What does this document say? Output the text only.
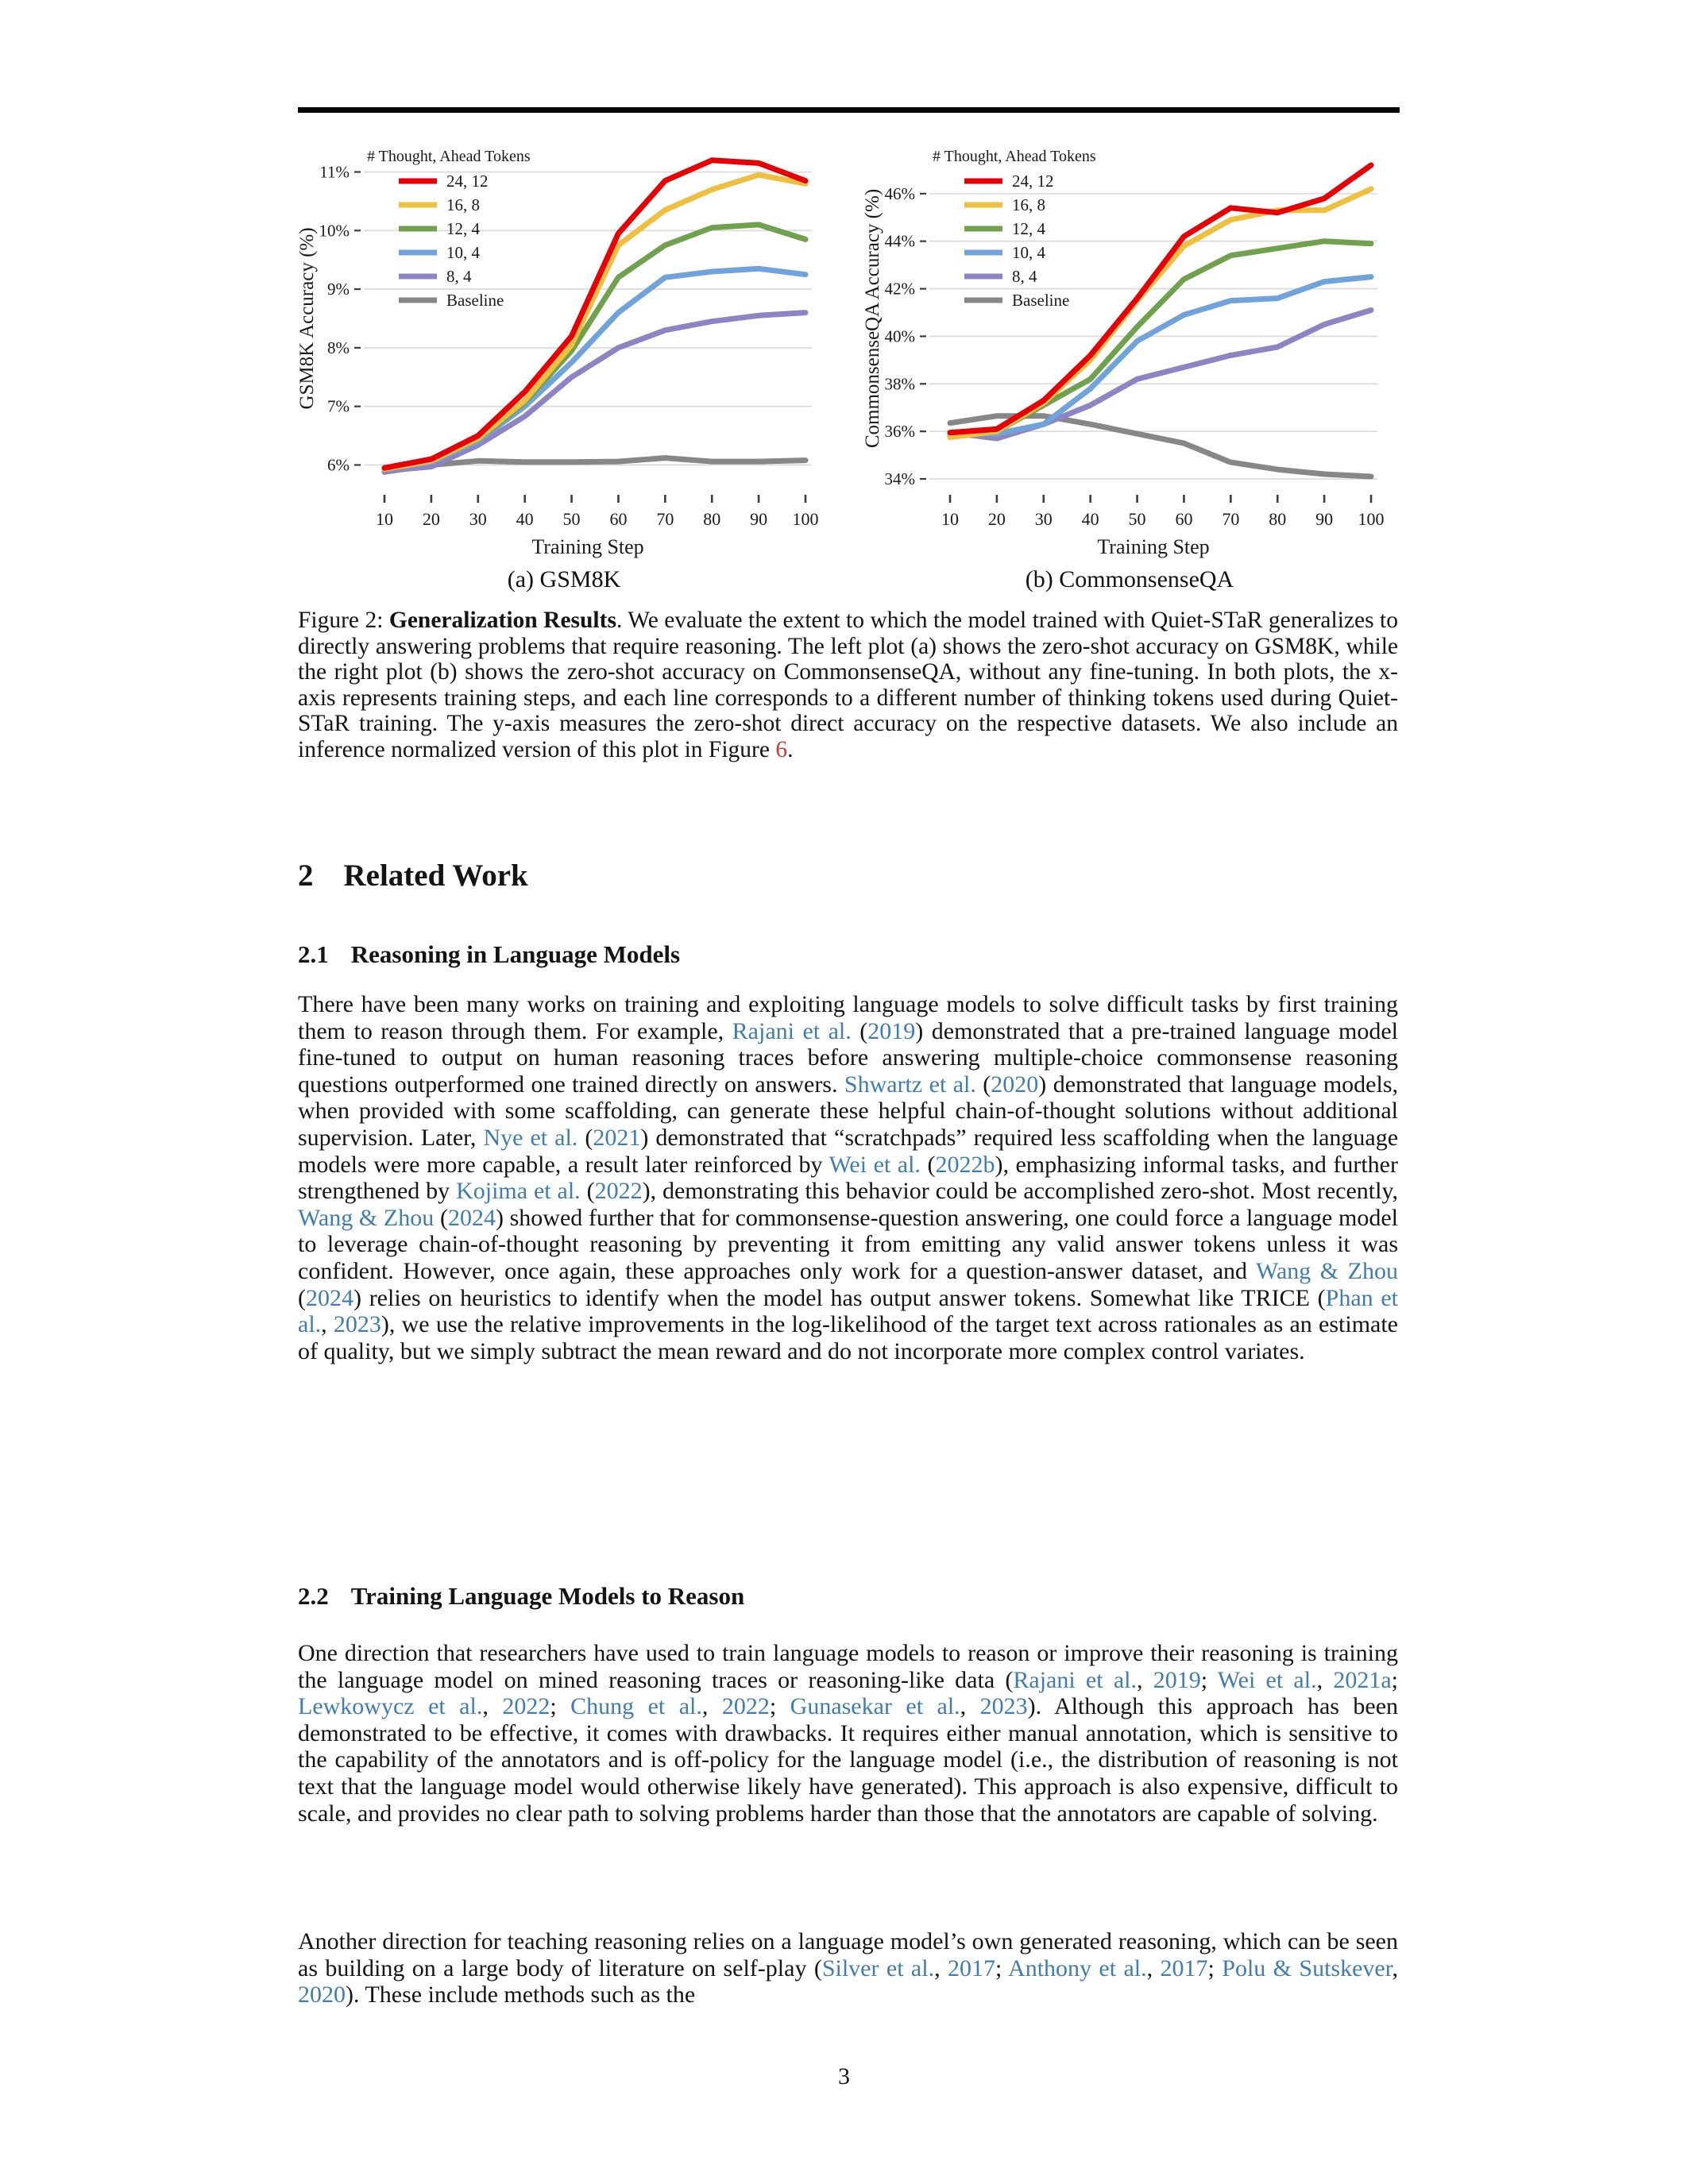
6%
7%
8%
9%
10%
11%
10 20 30 40 50 60 70 80 90 100
Training Step
GSM8K Accuracy (%)
# Thought, Ahead Tokens
24, 12
16, 8
12, 4
10, 4
8, 4
Baseline
(a) GSM8K
34%
36%
38%
40%
42%
44%
46%
10 20 30 40 50 60 70 80 90 100
Training Step
CommonsenseQA Accuracy (%)
# Thought, Ahead Tokens
24, 12
16, 8
12, 4
10, 4
8, 4
Baseline
(b) CommonsenseQA
Figure 2: Generalization Results. We evaluate the extent to which the model trained with Quiet-STaR generalizes to directly answering problems that require reasoning. The left plot (a) shows the zero-shot accuracy on GSM8K, while the right plot (b) shows the zero-shot accuracy on CommonsenseQA, without any fine-tuning. In both plots, the x-axis represents training steps, and each line corresponds to a different number of thinking tokens used during Quiet-STaR training. The y-axis measures the zero-shot direct accuracy on the respective datasets. We also include an inference normalized version of this plot in Figure 6.
2 Related Work
2.1 Reasoning in Language Models
There have been many works on training and exploiting language models to solve difficult tasks by first training them to reason through them. For example, Rajani et al. (2019) demonstrated that a pre-trained language model fine-tuned to output on human reasoning traces before answering multiple-choice commonsense reasoning questions outperformed one trained directly on answers. Shwartz et al. (2020) demonstrated that language models, when provided with some scaffolding, can generate these helpful chain-of-thought solutions without additional supervision. Later, Nye et al. (2021) demonstrated that “scratchpads” required less scaffolding when the language models were more capable, a result later reinforced by Wei et al. (2022b), emphasizing informal tasks, and further strengthened by Kojima et al. (2022), demonstrating this behavior could be accomplished zero-shot. Most recently, Wang & Zhou (2024) showed further that for commonsense-question answering, one could force a language model to leverage chain-of-thought reasoning by preventing it from emitting any valid answer tokens unless it was confident. However, once again, these approaches only work for a question-answer dataset, and Wang & Zhou (2024) relies on heuristics to identify when the model has output answer tokens. Somewhat like TRICE (Phan et al., 2023), we use the relative improvements in the log-likelihood of the target text across rationales as an estimate of quality, but we simply subtract the mean reward and do not incorporate more complex control variates.
2.2 Training Language Models to Reason
One direction that researchers have used to train language models to reason or improve their reasoning is training the language model on mined reasoning traces or reasoning-like data (Rajani et al., 2019; Wei et al., 2021a; Lewkowycz et al., 2022; Chung et al., 2022; Gunasekar et al., 2023). Although this approach has been demonstrated to be effective, it comes with drawbacks. It requires either manual annotation, which is sensitive to the capability of the annotators and is off-policy for the language model (i.e., the distribution of reasoning is not text that the language model would otherwise likely have generated). This approach is also expensive, difficult to scale, and provides no clear path to solving problems harder than those that the annotators are capable of solving.
Another direction for teaching reasoning relies on a language model’s own generated reasoning, which can be seen as building on a large body of literature on self-play (Silver et al., 2017; Anthony et al., 2017; Polu & Sutskever, 2020). These include methods such as the
3
